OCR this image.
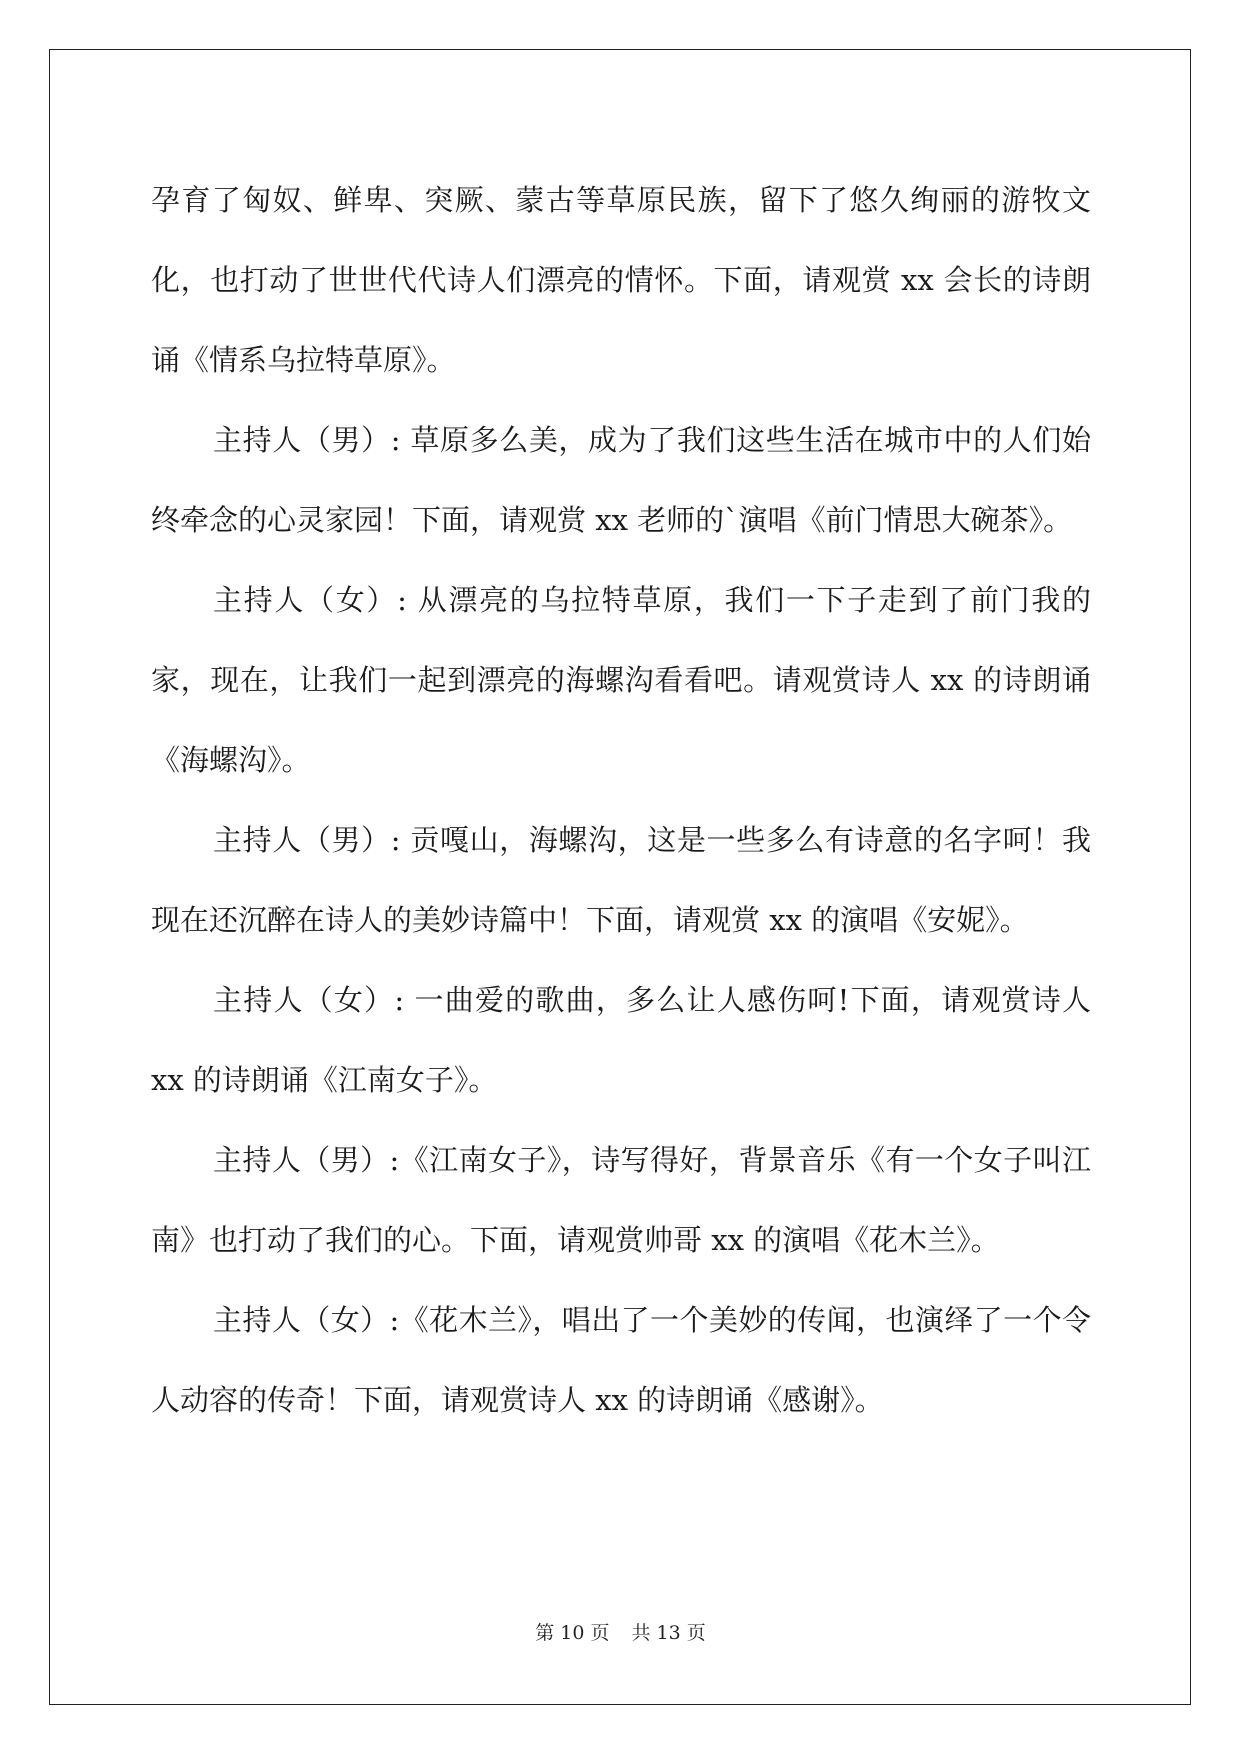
孕育了匈奴、鲜卑、突厥、蒙古等草原民族，留下了悠久绚丽的游牧文化，也打动了世世代代诗人们漂亮的情怀。下面，请观赏 xx 会长的诗朗诵《情系乌拉特草原》。

主持人（男）: 草原多么美，成为了我们这些生活在城市中的人们始终牵念的心灵家园！下面，请观赏 xx 老师的`演唱《前门情思大碗茶》。

主持人（女）: 从漂亮的乌拉特草原，我们一下子走到了前门我的家，现在，让我们一起到漂亮的海螺沟看看吧。请观赏诗人 xx 的诗朗诵《海螺沟》。

主持人（男）: 贡嘎山，海螺沟，这是一些多么有诗意的名字呵！我现在还沉醉在诗人的美妙诗篇中！下面，请观赏 xx 的演唱《安妮》。

主持人（女）: 一曲爱的歌曲，多么让人感伤呵!下面，请观赏诗人 xx 的诗朗诵《江南女子》。

主持人（男）:《江南女子》，诗写得好，背景音乐《有一个女子叫江南》也打动了我们的心。下面，请观赏帅哥 xx 的演唱《花木兰》。

主持人（女）:《花木兰》，唱出了一个美妙的传闻，也演绎了一个令人动容的传奇！下面，请观赏诗人 xx 的诗朗诵《感谢》。

第 10 页 共 13 页
